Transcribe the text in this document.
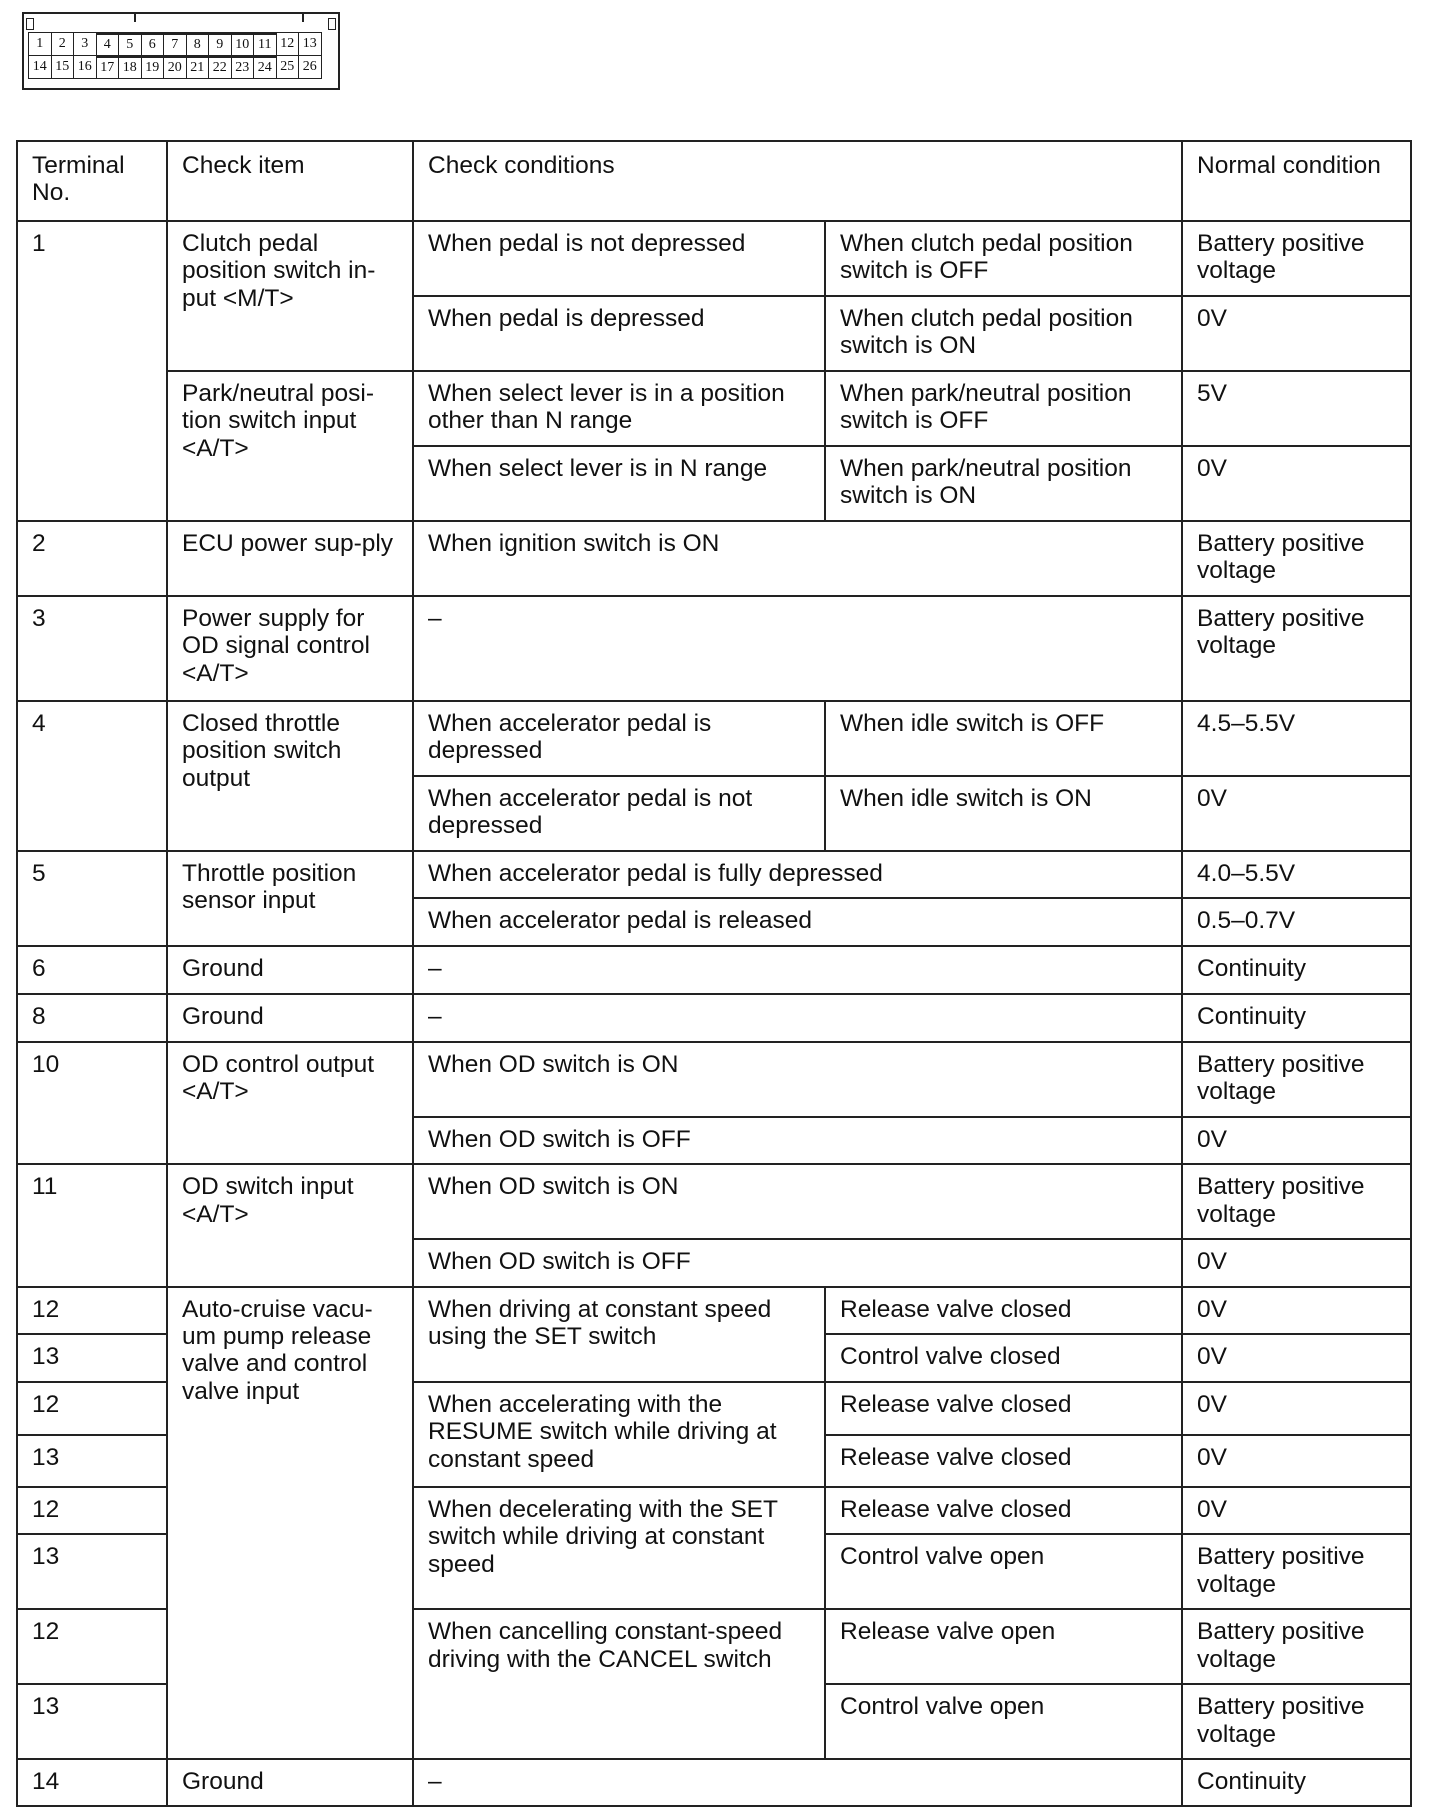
1	2	3	4	5	6	7	8	9 10 11 12 13
14 15 16 17 18 19 20 21 22 23 24 25 26
Terminal No.	Check item	Check conditions		Normal condition
1	Clutch pedal position switch in-put <M/T>	When pedal is not depressed	When clutch pedal position switch is OFF	Battery positive voltage
		When pedal is depressed	When clutch pedal position switch is ON	0V
	Park/neutral posi-tion switch input <A/T>	When select lever is in a position other than N range	When park/neutral position switch is OFF	5V
		When select lever is in N range	When park/neutral position switch is ON	0V
2	ECU power sup-ply	When ignition switch is ON		Battery positive voltage
3	Power supply for OD signal control <A/T>	–		Battery positive voltage
4	Closed throttle position switch output	When accelerator pedal is depressed	When idle switch is OFF	4.5–5.5V
		When accelerator pedal is not depressed	When idle switch is ON	0V
5	Throttle position sensor input	When accelerator pedal is fully depressed		4.0–5.5V
		When accelerator pedal is released		0.5–0.7V
6	Ground	–		Continuity
8	Ground	–		Continuity
10	OD control output <A/T>	When OD switch is ON		Battery positive voltage
		When OD switch is OFF		0V
11	OD switch input <A/T>	When OD switch is ON		Battery positive voltage
		When OD switch is OFF		0V
12	Auto-cruise vacu-um pump release valve and control valve input	When driving at constant speed using the SET switch	Release valve closed	0V
13			Control valve closed	0V
12		When accelerating with the RESUME switch while driving at constant speed	Release valve closed	0V
13			Release valve closed	0V
12		When decelerating with the SET switch while driving at constant speed	Release valve closed	0V
13			Control valve open	Battery positive voltage
12		When cancelling constant-speed driving with the CANCEL switch	Release valve open	Battery positive voltage
13			Control valve open	Battery positive voltage
14	Ground	–		Continuity
